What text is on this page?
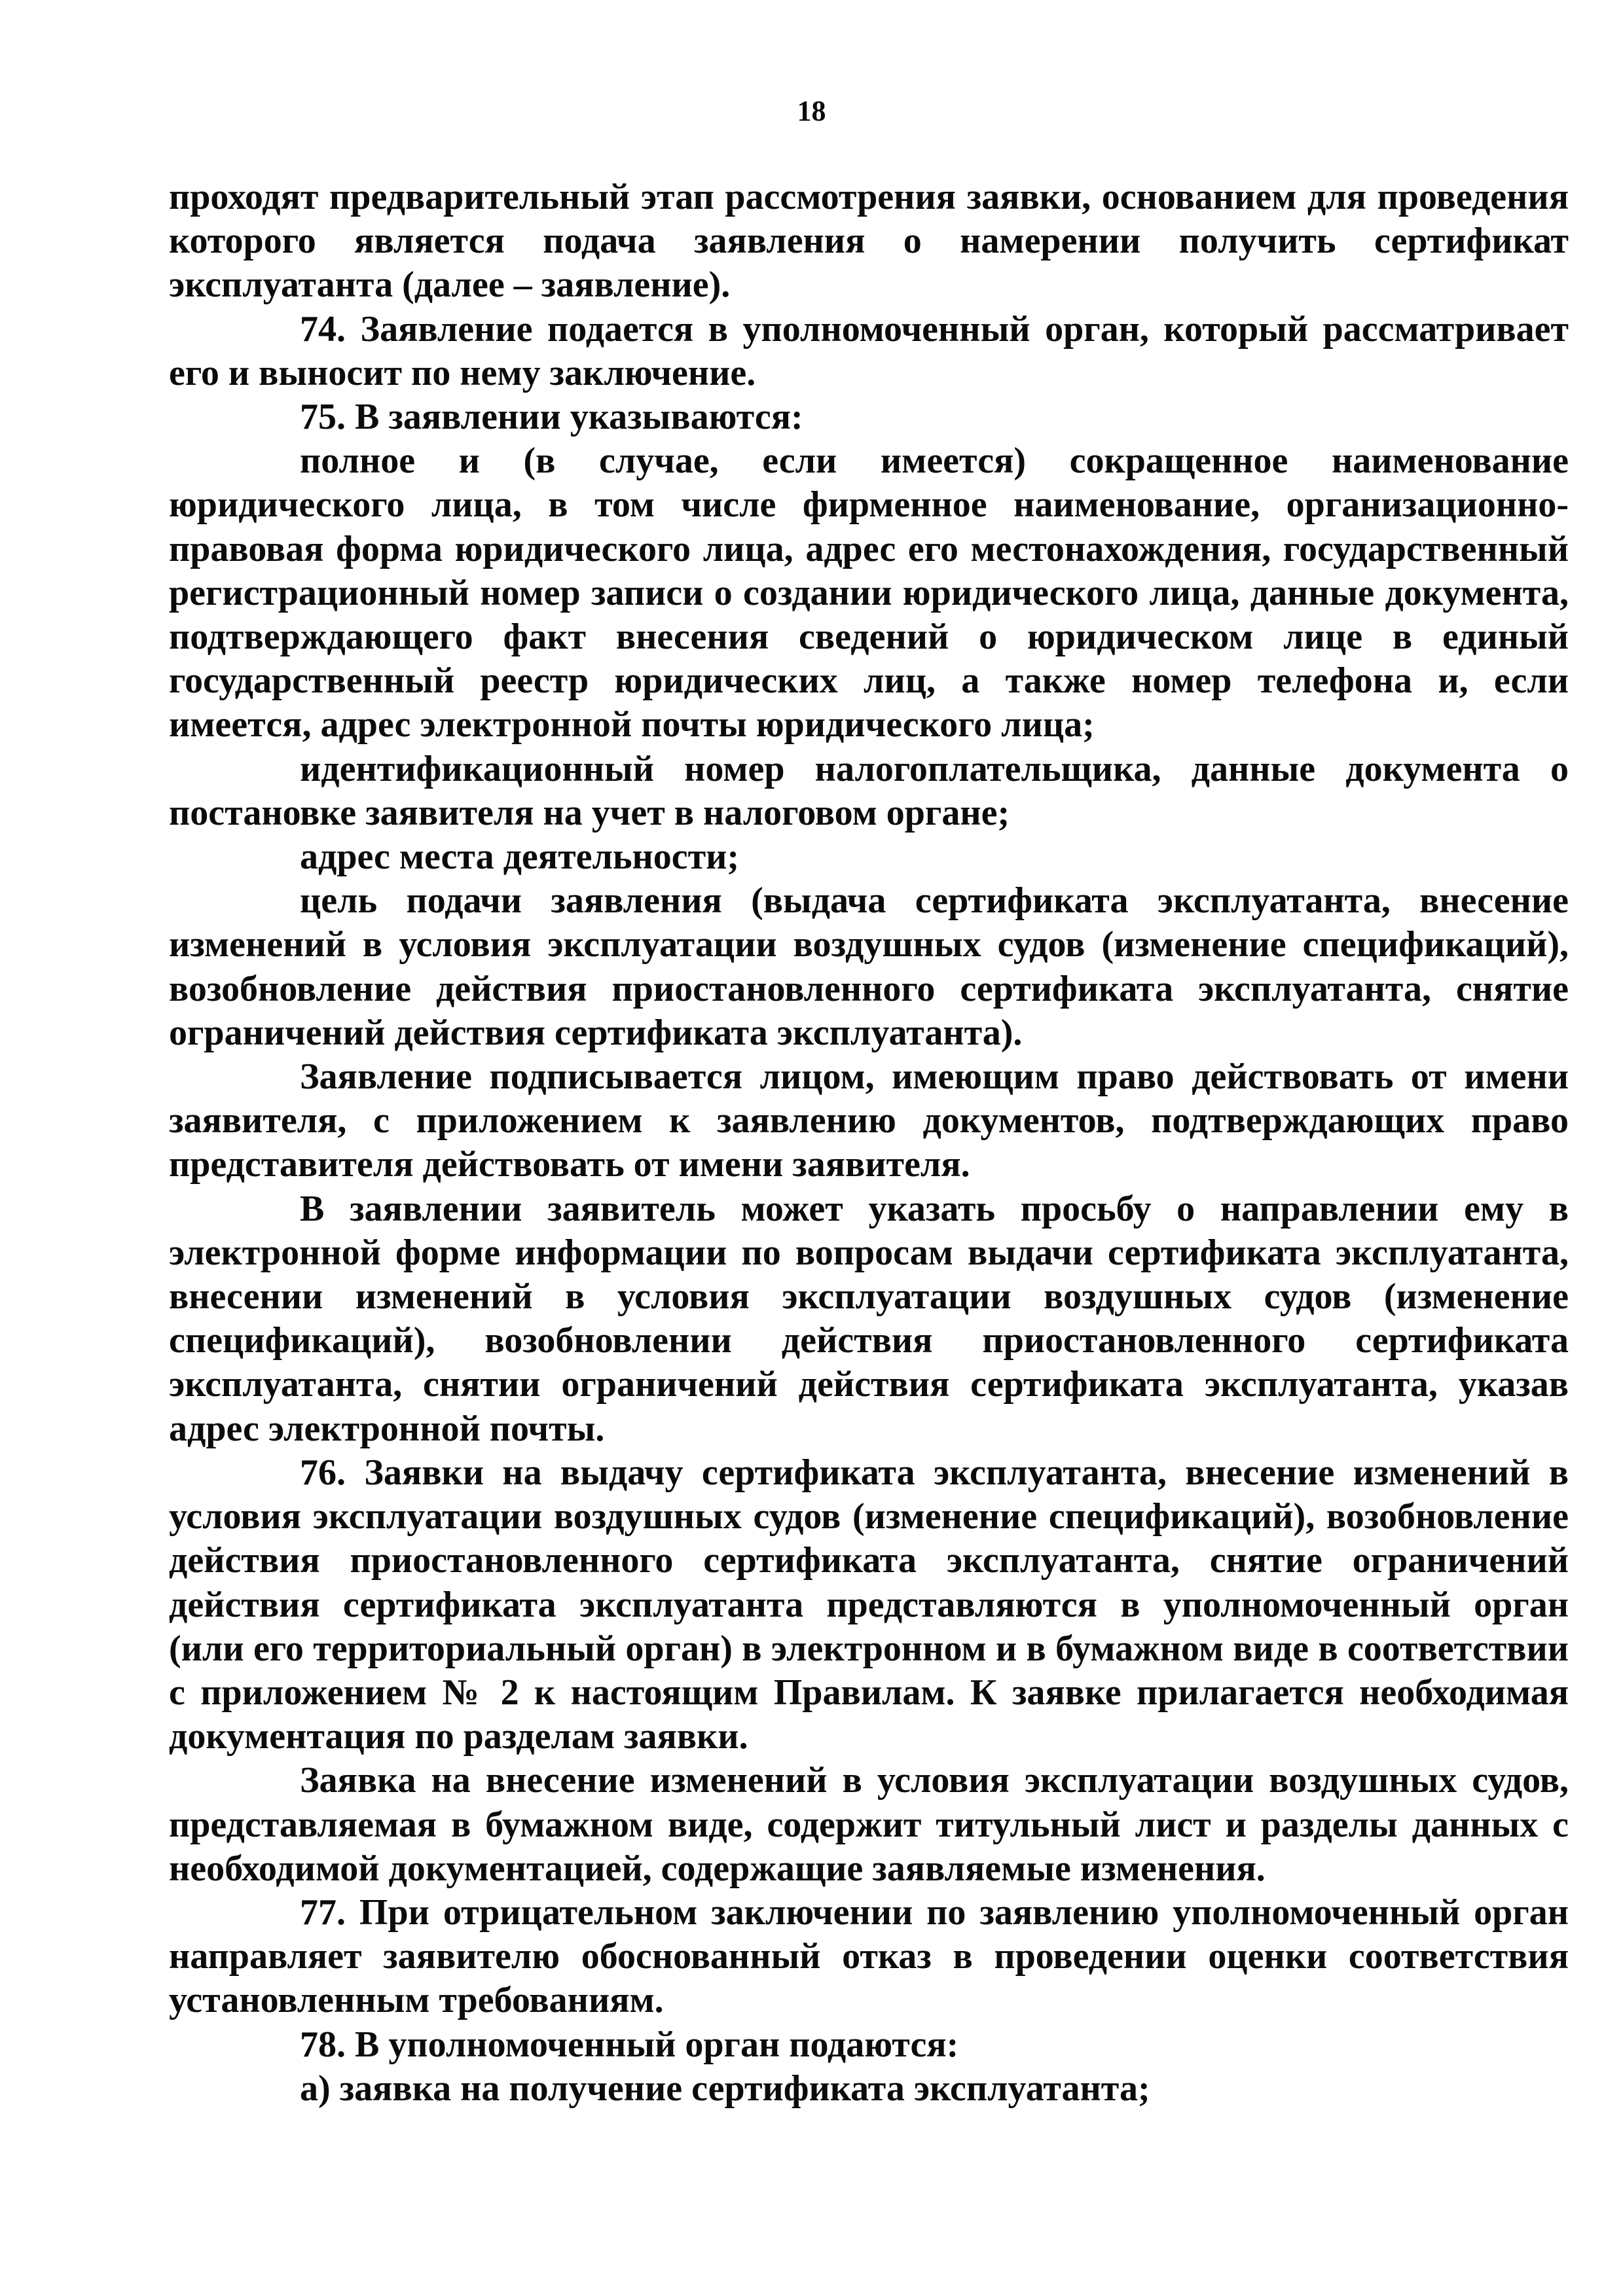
18

проходят предварительный этап рассмотрения заявки, основанием для проведения которого является подача заявления о намерении получить сертификат эксплуатанта (далее – заявление).

74. Заявление подается в уполномоченный орган, который рассматривает его и выносит по нему заключение.

75. В заявлении указываются:

полное и (в случае, если имеется) сокращенное наименование юридического лица, в том числе фирменное наименование, организационно-правовая форма юридического лица, адрес его местонахождения, государственный регистрационный номер записи о создании юридического лица, данные документа, подтверждающего факт внесения сведений о юридическом лице в единый государственный реестр юридических лиц, а также номер телефона и, если имеется, адрес электронной почты юридического лица;

идентификационный номер налогоплательщика, данные документа о постановке заявителя на учет в налоговом органе;

адрес места деятельности;

цель подачи заявления (выдача сертификата эксплуатанта, внесение изменений в условия эксплуатации воздушных судов (изменение спецификаций), возобновление действия приостановленного сертификата эксплуатанта, снятие ограничений действия сертификата эксплуатанта).

Заявление подписывается лицом, имеющим право действовать от имени заявителя, с приложением к заявлению документов, подтверждающих право представителя действовать от имени заявителя.

В заявлении заявитель может указать просьбу о направлении ему в электронной форме информации по вопросам выдачи сертификата эксплуатанта, внесении изменений в условия эксплуатации воздушных судов (изменение спецификаций), возобновлении действия приостановленного сертификата эксплуатанта, снятии ограничений действия сертификата эксплуатанта, указав адрес электронной почты.

76. Заявки на выдачу сертификата эксплуатанта, внесение изменений в условия эксплуатации воздушных судов (изменение спецификаций), возобновление действия приостановленного сертификата эксплуатанта, снятие ограничений действия сертификата эксплуатанта представляются в уполномоченный орган (или его территориальный орган) в электронном и в бумажном виде в соответствии с приложением № 2 к настоящим Правилам. К заявке прилагается необходимая документация по разделам заявки.

Заявка на внесение изменений в условия эксплуатации воздушных судов, представляемая в бумажном виде, содержит титульный лист и разделы данных с необходимой документацией, содержащие заявляемые изменения.

77. При отрицательном заключении по заявлению уполномоченный орган направляет заявителю обоснованный отказ в проведении оценки соответствия установленным требованиям.

78. В уполномоченный орган подаются:

а) заявка на получение сертификата эксплуатанта;
